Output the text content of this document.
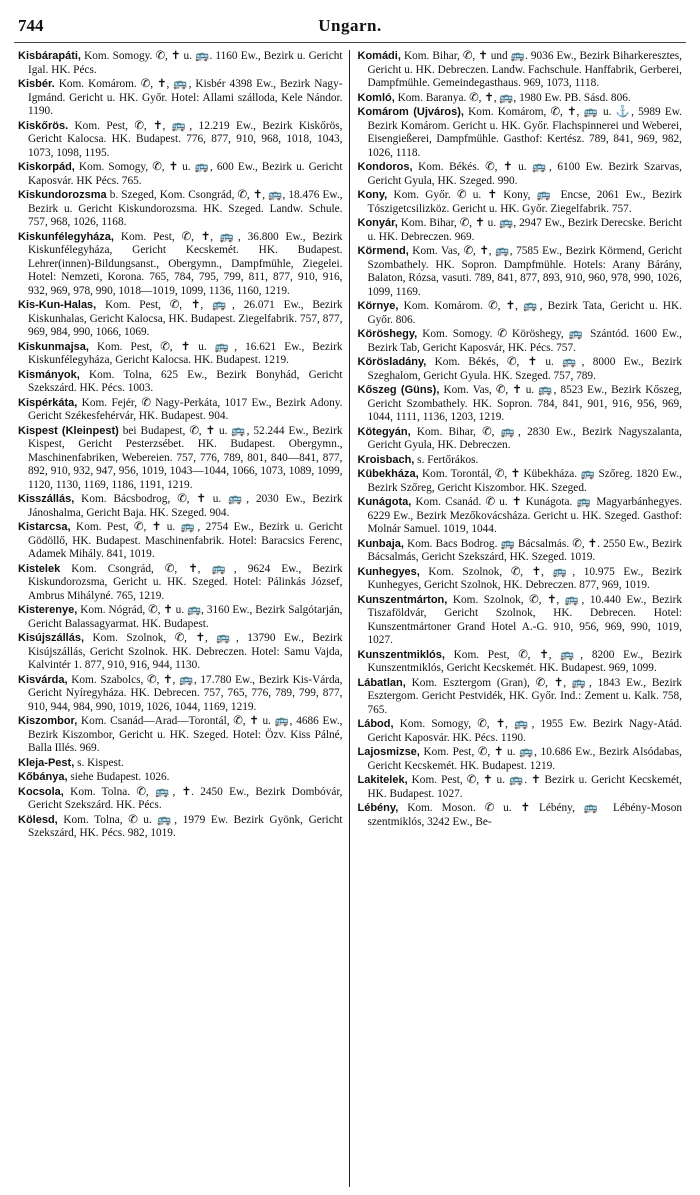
744	Ungarn.

Kisbárapáti, Kom. Somogy. ✆, ✝ u. 🚌. 1160 Ew., Bezirk u. Gericht Igal. HK. Pécs.

Kisbér. Kom. Komárom. ✆, ✝, 🚌, Kisbér 4398 Ew., Bezirk Nagy-Igmánd. Gericht u. HK. Győr. Hotel: Allami szálloda, Kele Nándor. 1190.

Kiskőrös. Kom. Pest, ✆, ✝, 🚌, 12.219 Ew., Bezirk Kiskőrös, Gericht Kalocsa. HK. Budapest. 776, 877, 910, 968, 1018, 1043, 1073, 1098, 1195.

Kiskorpád, Kom. Somogy, ✆, ✝ u. 🚌, 600 Ew., Bezirk u. Gericht Kaposvár. HK Pécs. 765.

Kiskundorozsma b. Szeged, Kom. Csongrád, ✆, ✝, 🚌, 18.476 Ew., Bezirk u. Gericht Kiskundorozsma. HK. Szeged. Landw. Schule. 757, 968, 1026, 1168.

Kiskunfélegyháza, Kom. Pest, ✆, ✝, 🚌, 36.800 Ew., Bezirk Kiskunfélegyháza, Gericht Kecskemét. HK. Budapest. Lehrer(innen)-Bildungsanst., Obergymn., Dampfmühle, Ziegelei. Hotel: Nemzeti, Korona. 765, 784, 795, 799, 811, 877, 910, 916, 932, 969, 978, 990, 1018—1019, 1099, 1136, 1160, 1219.

Kis-Kun-Halas, Kom. Pest, ✆, ✝, 🚌, 26.071 Ew., Bezirk Kiskunhalas, Gericht Kalocsa, HK. Budapest. Ziegelfabrik. 757, 877, 969, 984, 990, 1066, 1069.

Kiskunmajsa, Kom. Pest, ✆, ✝ u. 🚌, 16.621 Ew., Bezirk Kiskunfélegyháza, Gericht Kalocsa. HK. Budapest. 1219.

Kismányok, Kom. Tolna, 625 Ew., Bezirk Bonyhád, Gericht Szekszárd. HK. Pécs. 1003.

Kispérkáta, Kom. Fejér, ✆ Nagy-Perkáta, 1017 Ew., Bezirk Adony. Gericht Székesfehérvár, HK. Budapest. 904.

Kispest (Kleinpest) bei Budapest, ✆, ✝ u. 🚌, 52.244 Ew., Bezirk Kispest, Gericht Pesterzsébet. HK. Budapest. Obergymn., Maschinenfabriken, Webereien. 757, 776, 789, 801, 840—841, 877, 892, 910, 932, 947, 956, 1019, 1043—1044, 1066, 1073, 1089, 1099, 1120, 1130, 1169, 1186, 1191, 1219.

Kisszállás, Kom. Bácsbodrog, ✆, ✝ u. 🚌, 2030 Ew., Bezirk Jánoshalma, Gericht Baja. HK. Szeged. 904.

Kistarcsa, Kom. Pest, ✆, ✝ u. 🚌, 2754 Ew., Bezirk u. Gericht Gödöllő, HK. Budapest. Maschinenfabrik. Hotel: Baracsics Ferenc, Adamek Mihály. 841, 1019.

Kistelek Kom. Csongrád, ✆, ✝, 🚌, 9624 Ew., Bezirk Kiskundorozsma, Gericht u. HK. Szeged. Hotel: Pálinkás József, Ambrus Mihályné. 765, 1219.

Kisterenye, Kom. Nógrád, ✆, ✝ u. 🚌, 3160 Ew., Bezirk Salgótarján, Gericht Balassagyarmat. HK. Budapest.

Kisújszállás, Kom. Szolnok, ✆, ✝, 🚌, 13790 Ew., Bezirk Kisújszállás, Gericht Szolnok. HK. Debreczen. Hotel: Samu Vajda, Kalvintér 1. 877, 910, 916, 944, 1130.

Kisvárda, Kom. Szabolcs, ✆, ✝, 🚌, 17.780 Ew., Bezirk Kis-Várda, Gericht Nyíregyháza. HK. Debrecen. 757, 765, 776, 789, 799, 877, 910, 944, 984, 990, 1019, 1026, 1044, 1169, 1219.

Kiszombor, Kom. Csanád—Arad—Torontál, ✆, ✝ u. 🚌, 4686 Ew., Bezirk Kiszombor, Gericht u. HK. Szeged. Hotel: Özv. Kiss Pálné, Balla Illés. 969.

Kleja-Pest, s. Kispest.

Kőbánya, siehe Budapest. 1026.

Kocsola, Kom. Tolna. ✆, 🚌, ✝. 2450 Ew., Bezirk Dombóvár, Gericht Szekszárd. HK. Pécs.

Kölesd, Kom. Tolna, ✆ u. 🚌, 1979 Ew. Bezirk Gyönk, Gericht Szekszárd, HK. Pécs. 982, 1019.

Komádi, Kom. Bihar, ✆, ✝ und 🚌. 9036 Ew., Bezirk Biharkeresztes, Gericht u. HK. Debreczen. Landw. Fachschule. Hanffabrik, Gerberei, Dampfmühle. Gemeindegasthaus. 969, 1073, 1118.

Komló, Kom. Baranya. ✆, ✝, 🚌, 1980 Ew. PB. Sásd. 806.

Komárom (Ujváros), Kom. Komárom, ✆, ✝, 🚌 u. ⚓, 5989 Ew. Bezirk Komárom. Gericht u. HK. Győr. Flachspinnerei und Weberei, Eisengießerei, Dampfmühle. Gasthof: Kertész. 789, 841, 969, 982, 1026, 1118.

Kondoros, Kom. Békés. ✆, ✝ u. 🚌, 6100 Ew. Bezirk Szarvas, Gericht Gyula, HK. Szeged. 990.

Kony, Kom. Győr. ✆ u. ✝ Kony, 🚌 Encse, 2061 Ew., Bezirk Tószigetcsilizköz. Gericht u. HK. Győr. Ziegelfabrik. 757.

Konyár, Kom. Bihar, ✆, ✝ u. 🚌, 2947 Ew., Bezirk Derecske. Bericht u. HK. Debreczen. 969.

Körmend, Kom. Vas, ✆, ✝, 🚌, 7585 Ew., Bezirk Körmend, Gericht Szombathely. HK. Sopron. Dampfmühle. Hotels: Arany Bárány, Balaton, Rózsa, vasuti. 789, 841, 877, 893, 910, 960, 978, 990, 1026, 1099, 1169.

Környe, Kom. Komárom. ✆, ✝, 🚌, Bezirk Tata, Gericht u. HK. Győr. 806.

Köröshegy, Kom. Somogy. ✆ Köröshegy, 🚌 Szántód. 1600 Ew., Bezirk Tab, Gericht Kaposvár, HK. Pécs. 757.

Körösladány, Kom. Békés, ✆, ✝ u. 🚌, 8000 Ew., Bezirk Szeghalom, Gericht Gyula. HK. Szeged. 757, 789.

Kőszeg (Güns), Kom. Vas, ✆, ✝ u. 🚌, 8523 Ew., Bezirk Kőszeg, Gericht Szombathely. HK. Sopron. 784, 841, 901, 916, 956, 969, 1044, 1111, 1136, 1203, 1219.

Kötegyán, Kom. Bihar, ✆, 🚌, 2830 Ew., Bezirk Nagyszalanta, Gericht Gyula, HK. Debreczen.

Kroisbach, s. Fertőrákos.

Kübekháza, Kom. Torontál, ✆, ✝ Kübekháza. 🚌 Szőreg. 1820 Ew., Bezirk Szőreg, Gericht Kiszombor. HK. Szeged.

Kunágota, Kom. Csanád. ✆ u. ✝ Kunágota. 🚌 Magyarbánhegyes. 6229 Ew., Bezirk Mezőkovácsháza. Gericht u. HK. Szeged. Gasthof: Molnár Samuel. 1019, 1044.

Kunbaja, Kom. Bacs Bodrog. 🚌 Bácsalmás. ✆, ✝. 2550 Ew., Bezirk Bácsalmás, Gericht Szekszárd, HK. Szeged. 1019.

Kunhegyes, Kom. Szolnok, ✆, ✝, 🚌, 10.975 Ew., Bezirk Kunhegyes, Gericht Szolnok, HK. Debreczen. 877, 969, 1019.

Kunszentmárton, Kom. Szolnok, ✆, ✝, 🚌, 10.440 Ew., Bezirk Tiszaföldvár, Gericht Szolnok, HK. Debrecen. Hotel: Kunszentmártoner Grand Hotel A.-G. 910, 956, 969, 990, 1019, 1027.

Kunszentmiklós, Kom. Pest, ✆, ✝, 🚌, 8200 Ew., Bezirk Kunszentmiklós, Gericht Kecskemét. HK. Budapest. 969, 1099.

Lábatlan, Kom. Esztergom (Gran), ✆, ✝, 🚌, 1843 Ew., Bezirk Esztergom. Gericht Pestvidék, HK. Győr. Ind.: Zement u. Kalk. 758, 765.

Lábod, Kom. Somogy, ✆, ✝, 🚌, 1955 Ew. Bezirk Nagy-Atád. Gericht Kaposvár. HK. Pécs. 1190.

Lajosmizse, Kom. Pest, ✆, ✝ u. 🚌, 10.686 Ew., Bezirk Alsódabas, Gericht Kecskemét. HK. Budapest. 1219.

Lakitelek, Kom. Pest, ✆, ✝ u. 🚌. ✝ Bezirk u. Gericht Kecskemét, HK. Budapest. 1027.

Lébény, Kom. Moson. ✆ u. ✝ Lébény, 🚌 Lébény-Moson szentmiklós, 3242 Ew., Be-
